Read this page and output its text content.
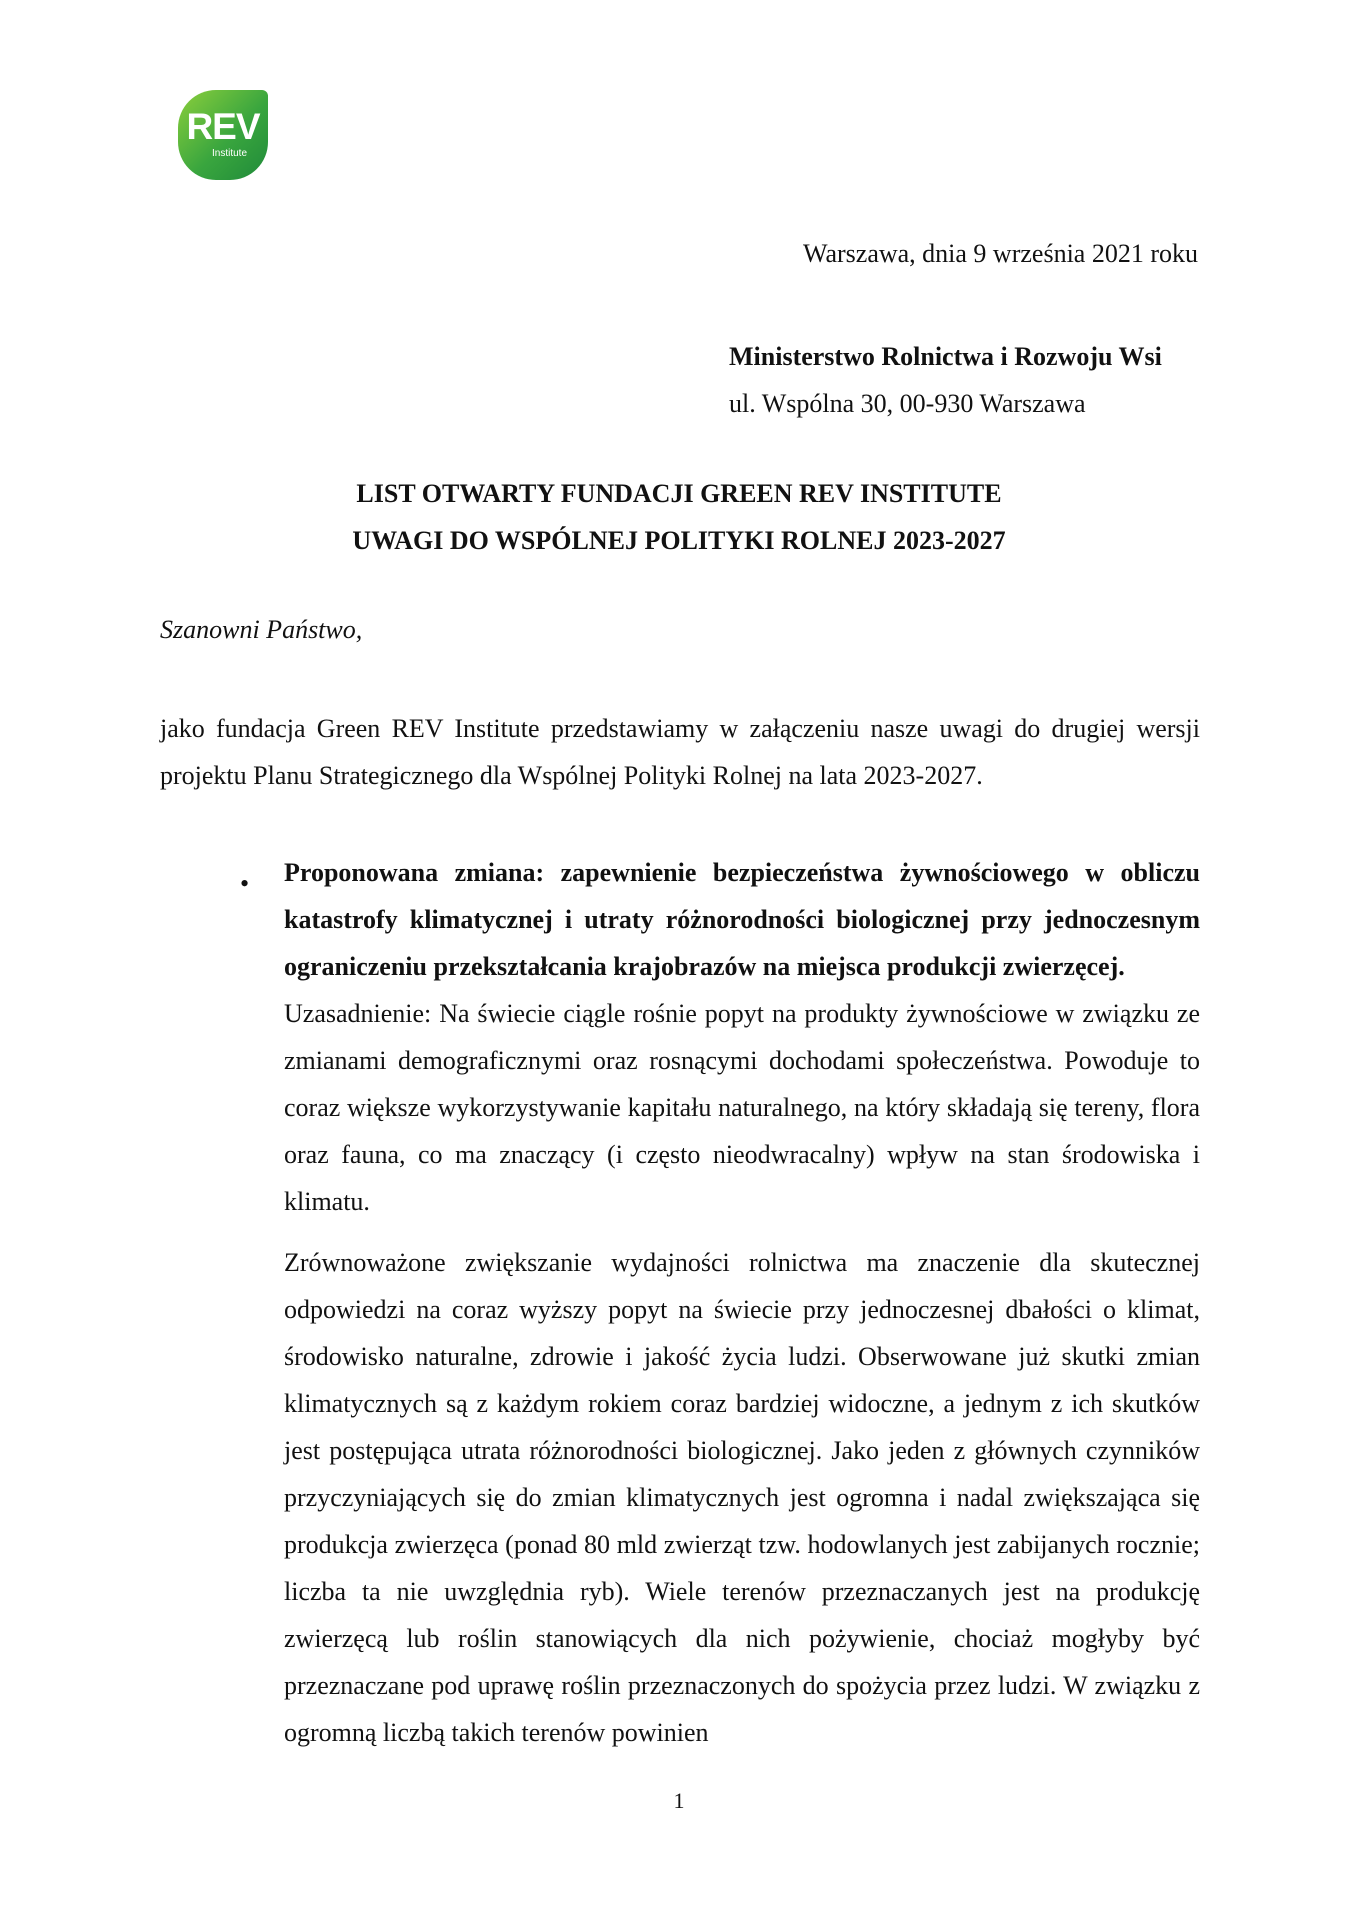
REV
Institute
Warszawa, dnia 9 września 2021 roku
Ministerstwo Rolnictwa i Rozwoju Wsi
ul. Wspólna 30, 00-930 Warszawa
LIST OTWARTY FUNDACJI GREEN REV INSTITUTE
UWAGI DO WSPÓLNEJ POLITYKI ROLNEJ 2023-2027
Szanowni Państwo,

jako fundacja Green REV Institute przedstawiamy w załączeniu nasze uwagi do drugiej wersji projektu Planu Strategicznego dla Wspólnej Polityki Rolnej na lata 2023-2027.

• Proponowana zmiana: zapewnienie bezpieczeństwa żywnościowego w obliczu katastrofy klimatycznej i utraty różnorodności biologicznej przy jednoczesnym ograniczeniu przekształcania krajobrazów na miejsca produkcji zwierzęcej.

Uzasadnienie: Na świecie ciągle rośnie popyt na produkty żywnościowe w związku ze zmianami demograficznymi oraz rosnącymi dochodami społeczeństwa. Powoduje to coraz większe wykorzystywanie kapitału naturalnego, na który składają się tereny, flora oraz fauna, co ma znaczący (i często nieodwracalny) wpływ na stan środowiska i klimatu.

Zrównoważone zwiększanie wydajności rolnictwa ma znaczenie dla skutecznej odpowiedzi na coraz wyższy popyt na świecie przy jednoczesnej dbałości o klimat, środowisko naturalne, zdrowie i jakość życia ludzi. Obserwowane już skutki zmian klimatycznych są z każdym rokiem coraz bardziej widoczne, a jednym z ich skutków jest postępująca utrata różnorodności biologicznej. Jako jeden z głównych czynników przyczyniających się do zmian klimatycznych jest ogromna i nadal zwiększająca się produkcja zwierzęca (ponad 80 mld zwierząt tzw. hodowlanych jest zabijanych rocznie; liczba ta nie uwzględnia ryb). Wiele terenów przeznaczanych jest na produkcję zwierzęcą lub roślin stanowiących dla nich pożywienie, chociaż mogłyby być przeznaczane pod uprawę roślin przeznaczonych do spożycia przez ludzi. W związku z ogromną liczbą takich terenów powinien

1
